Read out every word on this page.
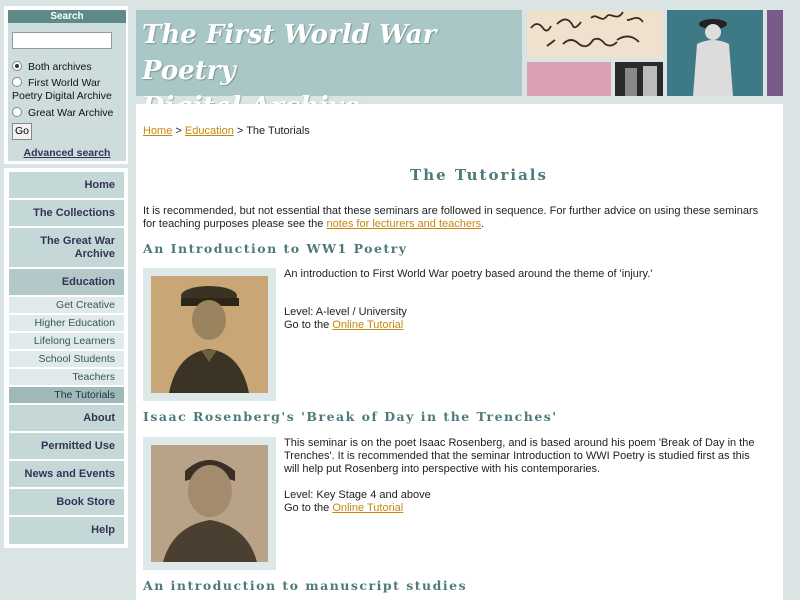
Search
Both archives
First World War Poetry Digital Archive
Great War Archive
Go
Advanced search
Home
The Collections
The Great War Archive
Education
Get Creative
Higher Education
Lifelong Learners
School Students
Teachers
The Tutorials
About
Permitted Use
News and Events
Book Store
Help
The First World War Poetry
Home > Education > The Tutorials
The Tutorials
It is recommended, but not essential that these seminars are followed in sequence. For further advice on using these seminars for teaching purposes please see the notes for lecturers and teachers.
An Introduction to WW1 Poetry
An introduction to First World War poetry based around the theme of 'injury.'
Level: A-level / University
Go to the Online Tutorial
Isaac Rosenberg's 'Break of Day in the Trenches'
This seminar is on the poet Isaac Rosenberg, and is based around his poem 'Break of Day in the Trenches'. It is recommended that the seminar Introduction to WWI Poetry is studied first as this will help put Rosenberg into perspective with his contemporaries.
Level: Key Stage 4 and above
Go to the Online Tutorial
An introduction to manuscript studies
